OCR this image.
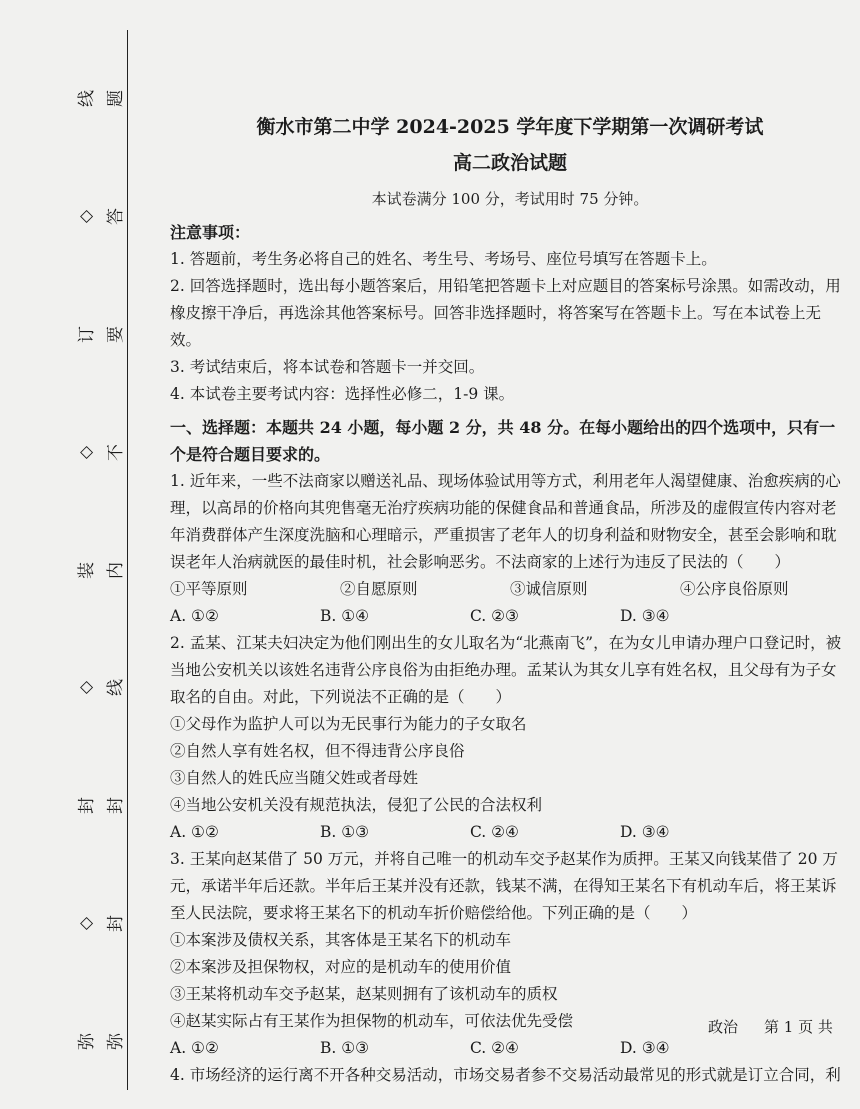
线
◇
订
◇
装
◇
封
◇
弥
题
答
要
不
内
线
封
封
弥

衡水市第二中学 2024-2025 学年度下学期第一次调研考试

高二政治试题

本试卷满分 100 分，考试用时 75 分钟。

注意事项：

1. 答题前，考生务必将自己的姓名、考生号、考场号、座位号填写在答题卡上。

2. 回答选择题时，选出每小题答案后，用铅笔把答题卡上对应题目的答案标号涂黑。如需改动，用橡皮擦干净后，再选涂其他答案标号。回答非选择题时，将答案写在答题卡上。写在本试卷上无效。

3. 考试结束后，将本试卷和答题卡一并交回。

4. 本试卷主要考试内容：选择性必修二，1-9 课。

一、选择题：本题共 24 小题，每小题 2 分，共 48 分。在每小题给出的四个选项中，只有一个是符合题目要求的。

1. 近年来，一些不法商家以赠送礼品、现场体验试用等方式，利用老年人渴望健康、治愈疾病的心理，以高昂的价格向其兜售毫无治疗疾病功能的保健食品和普通食品，所涉及的虚假宣传内容对老年消费群体产生深度洗脑和心理暗示，严重损害了老年人的切身利益和财物安全，甚至会影响和耽误老年人治病就医的最佳时机，社会影响恶劣。不法商家的上述行为违反了民法的（　　）

①平等原则	②自愿原则	③诚信原则	④公序良俗原则
A. ①②	B. ①④	C. ②③	D. ③④

2. 孟某、江某夫妇决定为他们刚出生的女儿取名为“北燕南飞”，在为女儿申请办理户口登记时，被当地公安机关以该姓名违背公序良俗为由拒绝办理。孟某认为其女儿享有姓名权，且父母有为子女取名的自由。对此，下列说法不正确的是（　　）

①父母作为监护人可以为无民事行为能力的子女取名

②自然人享有姓名权，但不得违背公序良俗

③自然人的姓氏应当随父姓或者母姓

④当地公安机关没有规范执法，侵犯了公民的合法权利

A. ①②	B. ①③	C. ②④	D. ③④

3. 王某向赵某借了 50 万元，并将自己唯一的机动车交予赵某作为质押。王某又向钱某借了 20 万元，承诺半年后还款。半年后王某并没有还款，钱某不满，在得知王某名下有机动车后，将王某诉至人民法院，要求将王某名下的机动车折价赔偿给他。下列正确的是（　　）

①本案涉及债权关系，其客体是王某名下的机动车

②本案涉及担保物权，对应的是机动车的使用价值

③王某将机动车交予赵某，赵某则拥有了该机动车的质权

④赵某实际占有王某作为担保物的机动车，可依法优先受偿

A. ①②	B. ①③	C. ②④	D. ③④

4. 市场经济的运行离不开各种交易活动，市场交易者参不交易活动最常见的形式就是订立合同，利

政治 第 1 页 共
